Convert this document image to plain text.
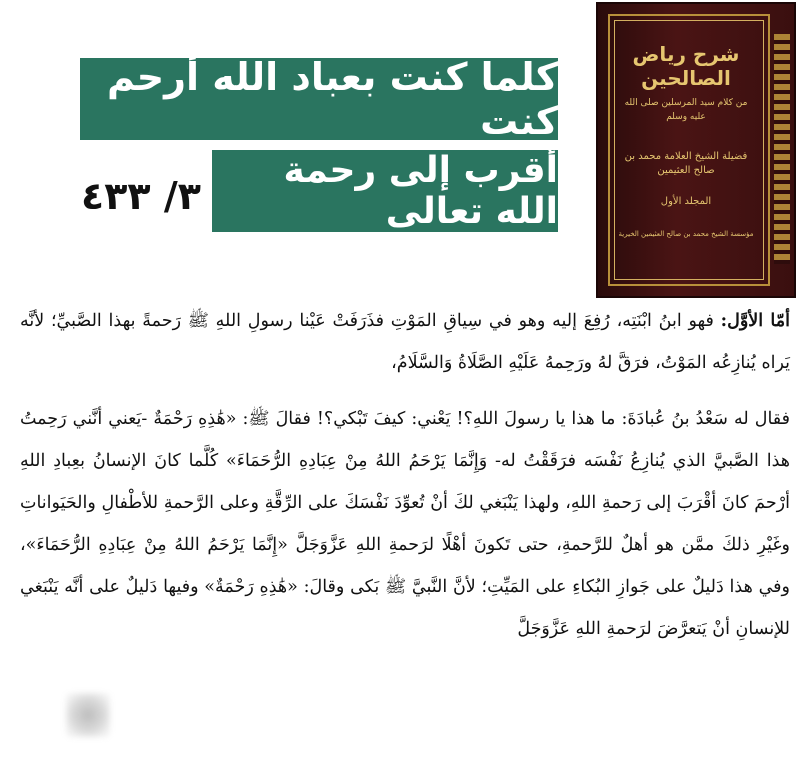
كلما كنت بعباد الله أرحم كنت
أقرب إلى رحمة الله تعالى
٣/ ٤٣٣
شرح رياض الصالحين
من كلام سيد المرسلين صلى الله عليه وسلم
فضيلة الشيخ العلامة محمد بن صالح العثيمين
المجلد الأول
مؤسسة الشيخ محمد بن صالح العثيمين الخيرية

أمّا الأوَّل: فهو ابنُ ابْنَتِه، رُفِعَ إليه وهو في سِياقِ المَوْتِ فذَرَفَتْ عَيْنا رسولِ اللهِ ﷺ رَحمةً بهذا الصَّبيِّ؛ لأنَّه يَراه يُنازِعُه المَوْتُ، فرَقَّ لهُ ورَحِمهُ عَلَيْهِ الصَّلَاةُ وَالسَّلَامُ،

فقال له سَعْدُ بنُ عُبادَةَ: ما هذا يا رسولَ اللهِ؟! يَعْني: كيفَ تَبْكي؟! فقالَ ﷺ: «هَٰذِهِ رَحْمَةٌ -يَعني أنَّني رَحِمتُ هذا الصَّبيَّ الذي يُنازِعُ نَفْسَه فرَقَقْتُ له- وَإِنَّمَا يَرْحَمُ اللهُ مِنْ عِبَادِهِ الرُّحَمَاءَ» كُلَّما كانَ الإنسانُ بعِبادِ اللهِ أرْحمَ كانَ أقْرَبَ إلى رَحمةِ اللهِ، ولهذا يَنْبَغي لكَ أنْ تُعوِّدَ نَفْسَكَ على الرِّقَّةِ وعلى الرَّحمةِ للأطْفالِ والحَيَواناتِ وغَيْرِ ذلكَ ممَّن هو أهلٌ للرَّحمةِ، حتى تَكونَ أهْلًا لرَحمةِ اللهِ عَزَّوَجَلَّ «إِنَّمَا يَرْحَمُ اللهُ مِنْ عِبَادِهِ الرُّحَمَاءَ»، وفي هذا دَليلٌ على جَوازِ البُكاءِ على المَيِّتِ؛ لأنَّ النَّبيَّ ﷺ بَكى وقالَ: «هَٰذِهِ رَحْمَةٌ» وفيها دَليلٌ على أنَّه يَنْبَغي للإنسانِ أنْ يَتعرَّضَ لرَحمةِ اللهِ عَزَّوَجَلَّ
